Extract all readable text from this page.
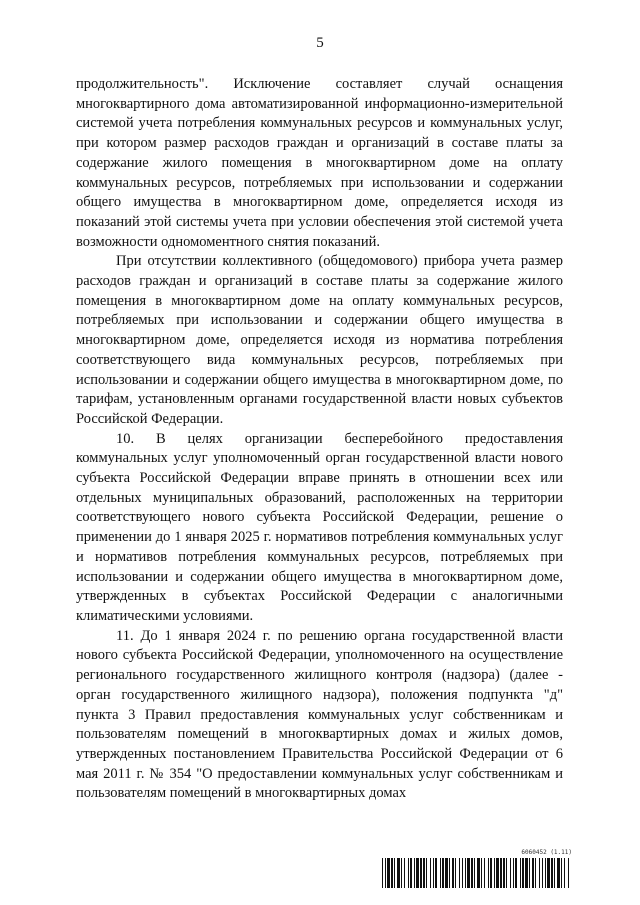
5

продолжительность". Исключение составляет случай оснащения многоквартирного дома автоматизированной информационно-измерительной системой учета потребления коммунальных ресурсов и коммунальных услуг, при котором размер расходов граждан и организаций в составе платы за содержание жилого помещения в многоквартирном доме на оплату коммунальных ресурсов, потребляемых при использовании и содержании общего имущества в многоквартирном доме, определяется исходя из показаний этой системы учета при условии обеспечения этой системой учета возможности одномоментного снятия показаний.

При отсутствии коллективного (общедомового) прибора учета размер расходов граждан и организаций в составе платы за содержание жилого помещения в многоквартирном доме на оплату коммунальных ресурсов, потребляемых при использовании и содержании общего имущества в многоквартирном доме, определяется исходя из норматива потребления соответствующего вида коммунальных ресурсов, потребляемых при использовании и содержании общего имущества в многоквартирном доме, по тарифам, установленным органами государственной власти новых субъектов Российской Федерации.

10. В целях организации бесперебойного предоставления коммунальных услуг уполномоченный орган государственной власти нового субъекта Российской Федерации вправе принять в отношении всех или отдельных муниципальных образований, расположенных на территории соответствующего нового субъекта Российской Федерации, решение о применении до 1 января 2025 г. нормативов потребления коммунальных услуг и нормативов потребления коммунальных ресурсов, потребляемых при использовании и содержании общего имущества в многоквартирном доме, утвержденных в субъектах Российской Федерации с аналогичными климатическими условиями.

11. До 1 января 2024 г. по решению органа государственной власти нового субъекта Российской Федерации, уполномоченного на осуществление регионального государственного жилищного контроля (надзора) (далее - орган государственного жилищного надзора), положения подпункта "д" пункта 3 Правил предоставления коммунальных услуг собственникам и пользователям помещений в многоквартирных домах и жилых домов, утвержденных постановлением Правительства Российской Федерации от 6 мая 2011 г. № 354 "О предоставлении коммунальных услуг собственникам и пользователям помещений в многоквартирных домах

6060452 (1.11)
